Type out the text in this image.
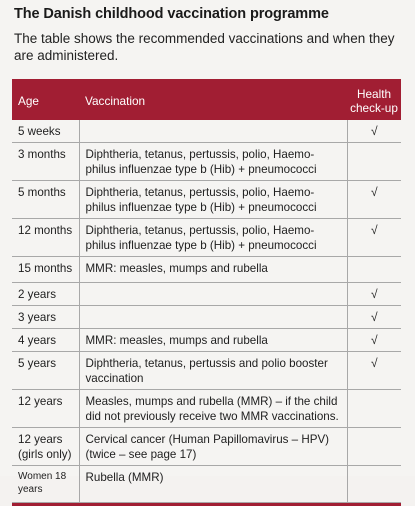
The Danish childhood vaccination programme
The table shows the recommended vaccinations and when they are administered.
Age	Vaccination	Health check-up
5 weeks		√
3 months	Diphtheria, tetanus, pertussis, polio, Haemo-philus influenzae type b (Hib) + pneumococci	
5 months	Diphtheria, tetanus, pertussis, polio, Haemo-philus influenzae type b (Hib) + pneumococci	√
12 months	Diphtheria, tetanus, pertussis, polio, Haemo-philus influenzae type b (Hib) + pneumococci	√
15 months	MMR: measles, mumps and rubella	
2 years		√
3 years		√
4 years	MMR: measles, mumps and rubella	√
5 years	Diphtheria, tetanus, pertussis and polio booster vaccination	√
12 years	Measles, mumps and rubella (MMR) – if the child did not previously receive two MMR vaccinations.	
12 years (girls only)	Cervical cancer (Human Papillomavirus – HPV) (twice – see page 17)	
Women 18 years	Rubella (MMR)	
